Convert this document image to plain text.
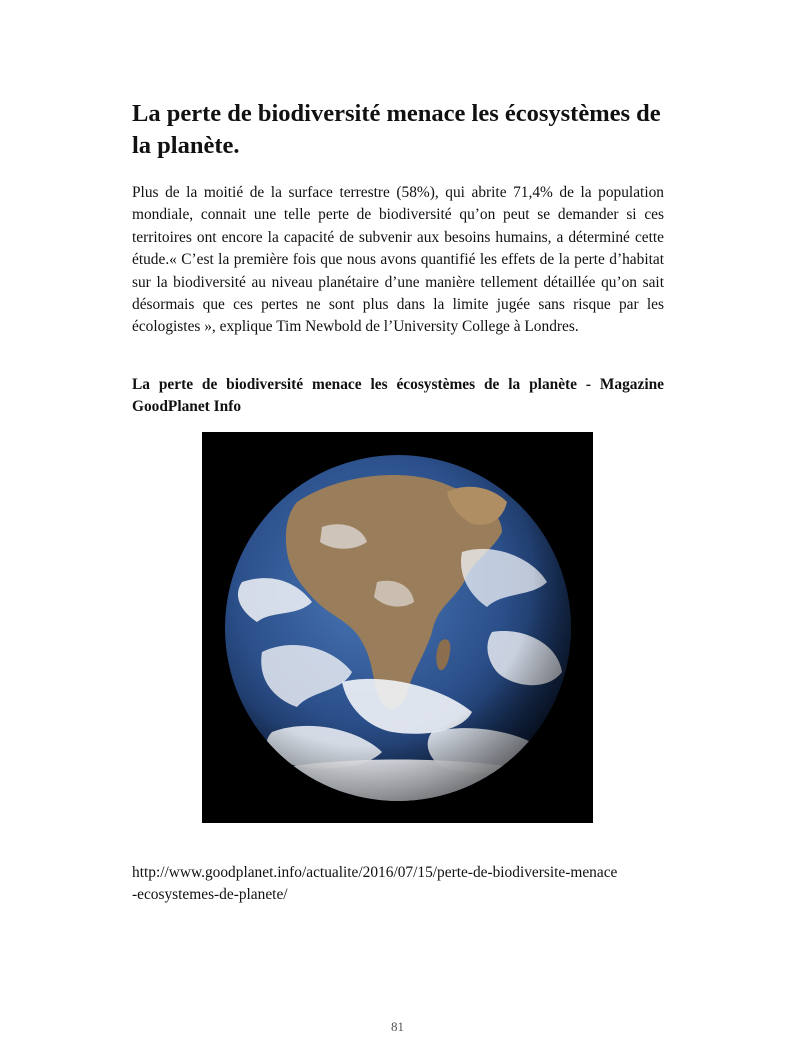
La perte de biodiversité menace les écosystèmes de la planète.

Plus de la moitié de la surface terrestre (58%), qui abrite 71,4% de la population mondiale, connait une telle perte de biodiversité qu’on peut se demander si ces territoires ont encore la capacité de subvenir aux besoins humains, a déterminé cette étude.« C’est la première fois que nous avons quantifié les effets de la perte d’habitat sur la biodiversité au niveau planétaire d’une manière tellement détaillée qu’on sait désormais que ces pertes ne sont plus dans la limite jugée sans risque par les écologistes », explique Tim Newbold de l’University College à Londres.

La perte de biodiversité menace les écosystèmes de la planète - Magazine GoodPlanet Info

http://www.goodplanet.info/actualite/2016/07/15/perte-de-biodiversite-menace
-ecosystemes-de-planete/

81
